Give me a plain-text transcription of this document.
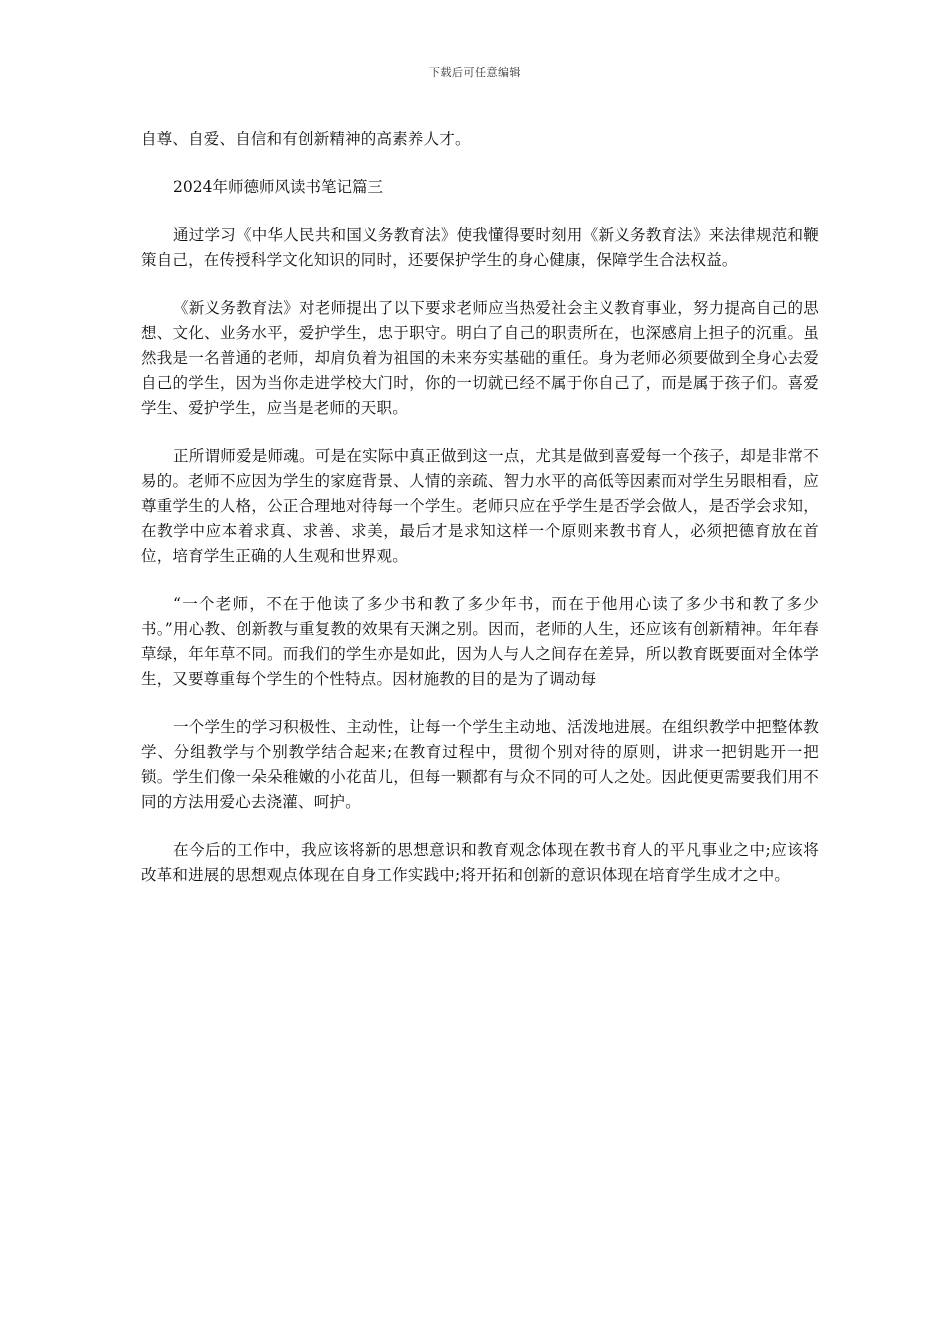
下载后可任意编辑

自尊、自爱、自信和有创新精神的高素养人才。

2024年师德师风读书笔记篇三

通过学习《中华人民共和国义务教育法》使我懂得要时刻用《新义务教育法》来法律规范和鞭策自己，在传授科学文化知识的同时，还要保护学生的身心健康，保障学生合法权益。

《新义务教育法》对老师提出了以下要求老师应当热爱社会主义教育事业，努力提高自己的思想、文化、业务水平，爱护学生，忠于职守。明白了自己的职责所在，也深感肩上担子的沉重。虽然我是一名普通的老师，却肩负着为祖国的未来夯实基础的重任。身为老师必须要做到全身心去爱自己的学生，因为当你走进学校大门时，你的一切就已经不属于你自己了，而是属于孩子们。喜爱学生、爱护学生，应当是老师的天职。

正所谓师爱是师魂。可是在实际中真正做到这一点，尤其是做到喜爱每一个孩子，却是非常不易的。老师不应因为学生的家庭背景、人情的亲疏、智力水平的高低等因素而对学生另眼相看，应尊重学生的人格，公正合理地对待每一个学生。老师只应在乎学生是否学会做人，是否学会求知，在教学中应本着求真、求善、求美，最后才是求知这样一个原则来教书育人，必须把德育放在首位，培育学生正确的人生观和世界观。

“一个老师，不在于他读了多少书和教了多少年书，而在于他用心读了多少书和教了多少书。”用心教、创新教与重复教的效果有天渊之别。因而，老师的人生，还应该有创新精神。年年春草绿，年年草不同。而我们的学生亦是如此，因为人与人之间存在差异，所以教育既要面对全体学生，又要尊重每个学生的个性特点。因材施教的目的是为了调动每

一个学生的学习积极性、主动性，让每一个学生主动地、活泼地进展。在组织教学中把整体教学、分组教学与个别教学结合起来;在教育过程中，贯彻个别对待的原则，讲求一把钥匙开一把锁。学生们像一朵朵稚嫩的小花苗儿，但每一颗都有与众不同的可人之处。因此便更需要我们用不同的方法用爱心去浇灌、呵护。

在今后的工作中，我应该将新的思想意识和教育观念体现在教书育人的平凡事业之中;应该将改革和进展的思想观点体现在自身工作实践中;将开拓和创新的意识体现在培育学生成才之中。
